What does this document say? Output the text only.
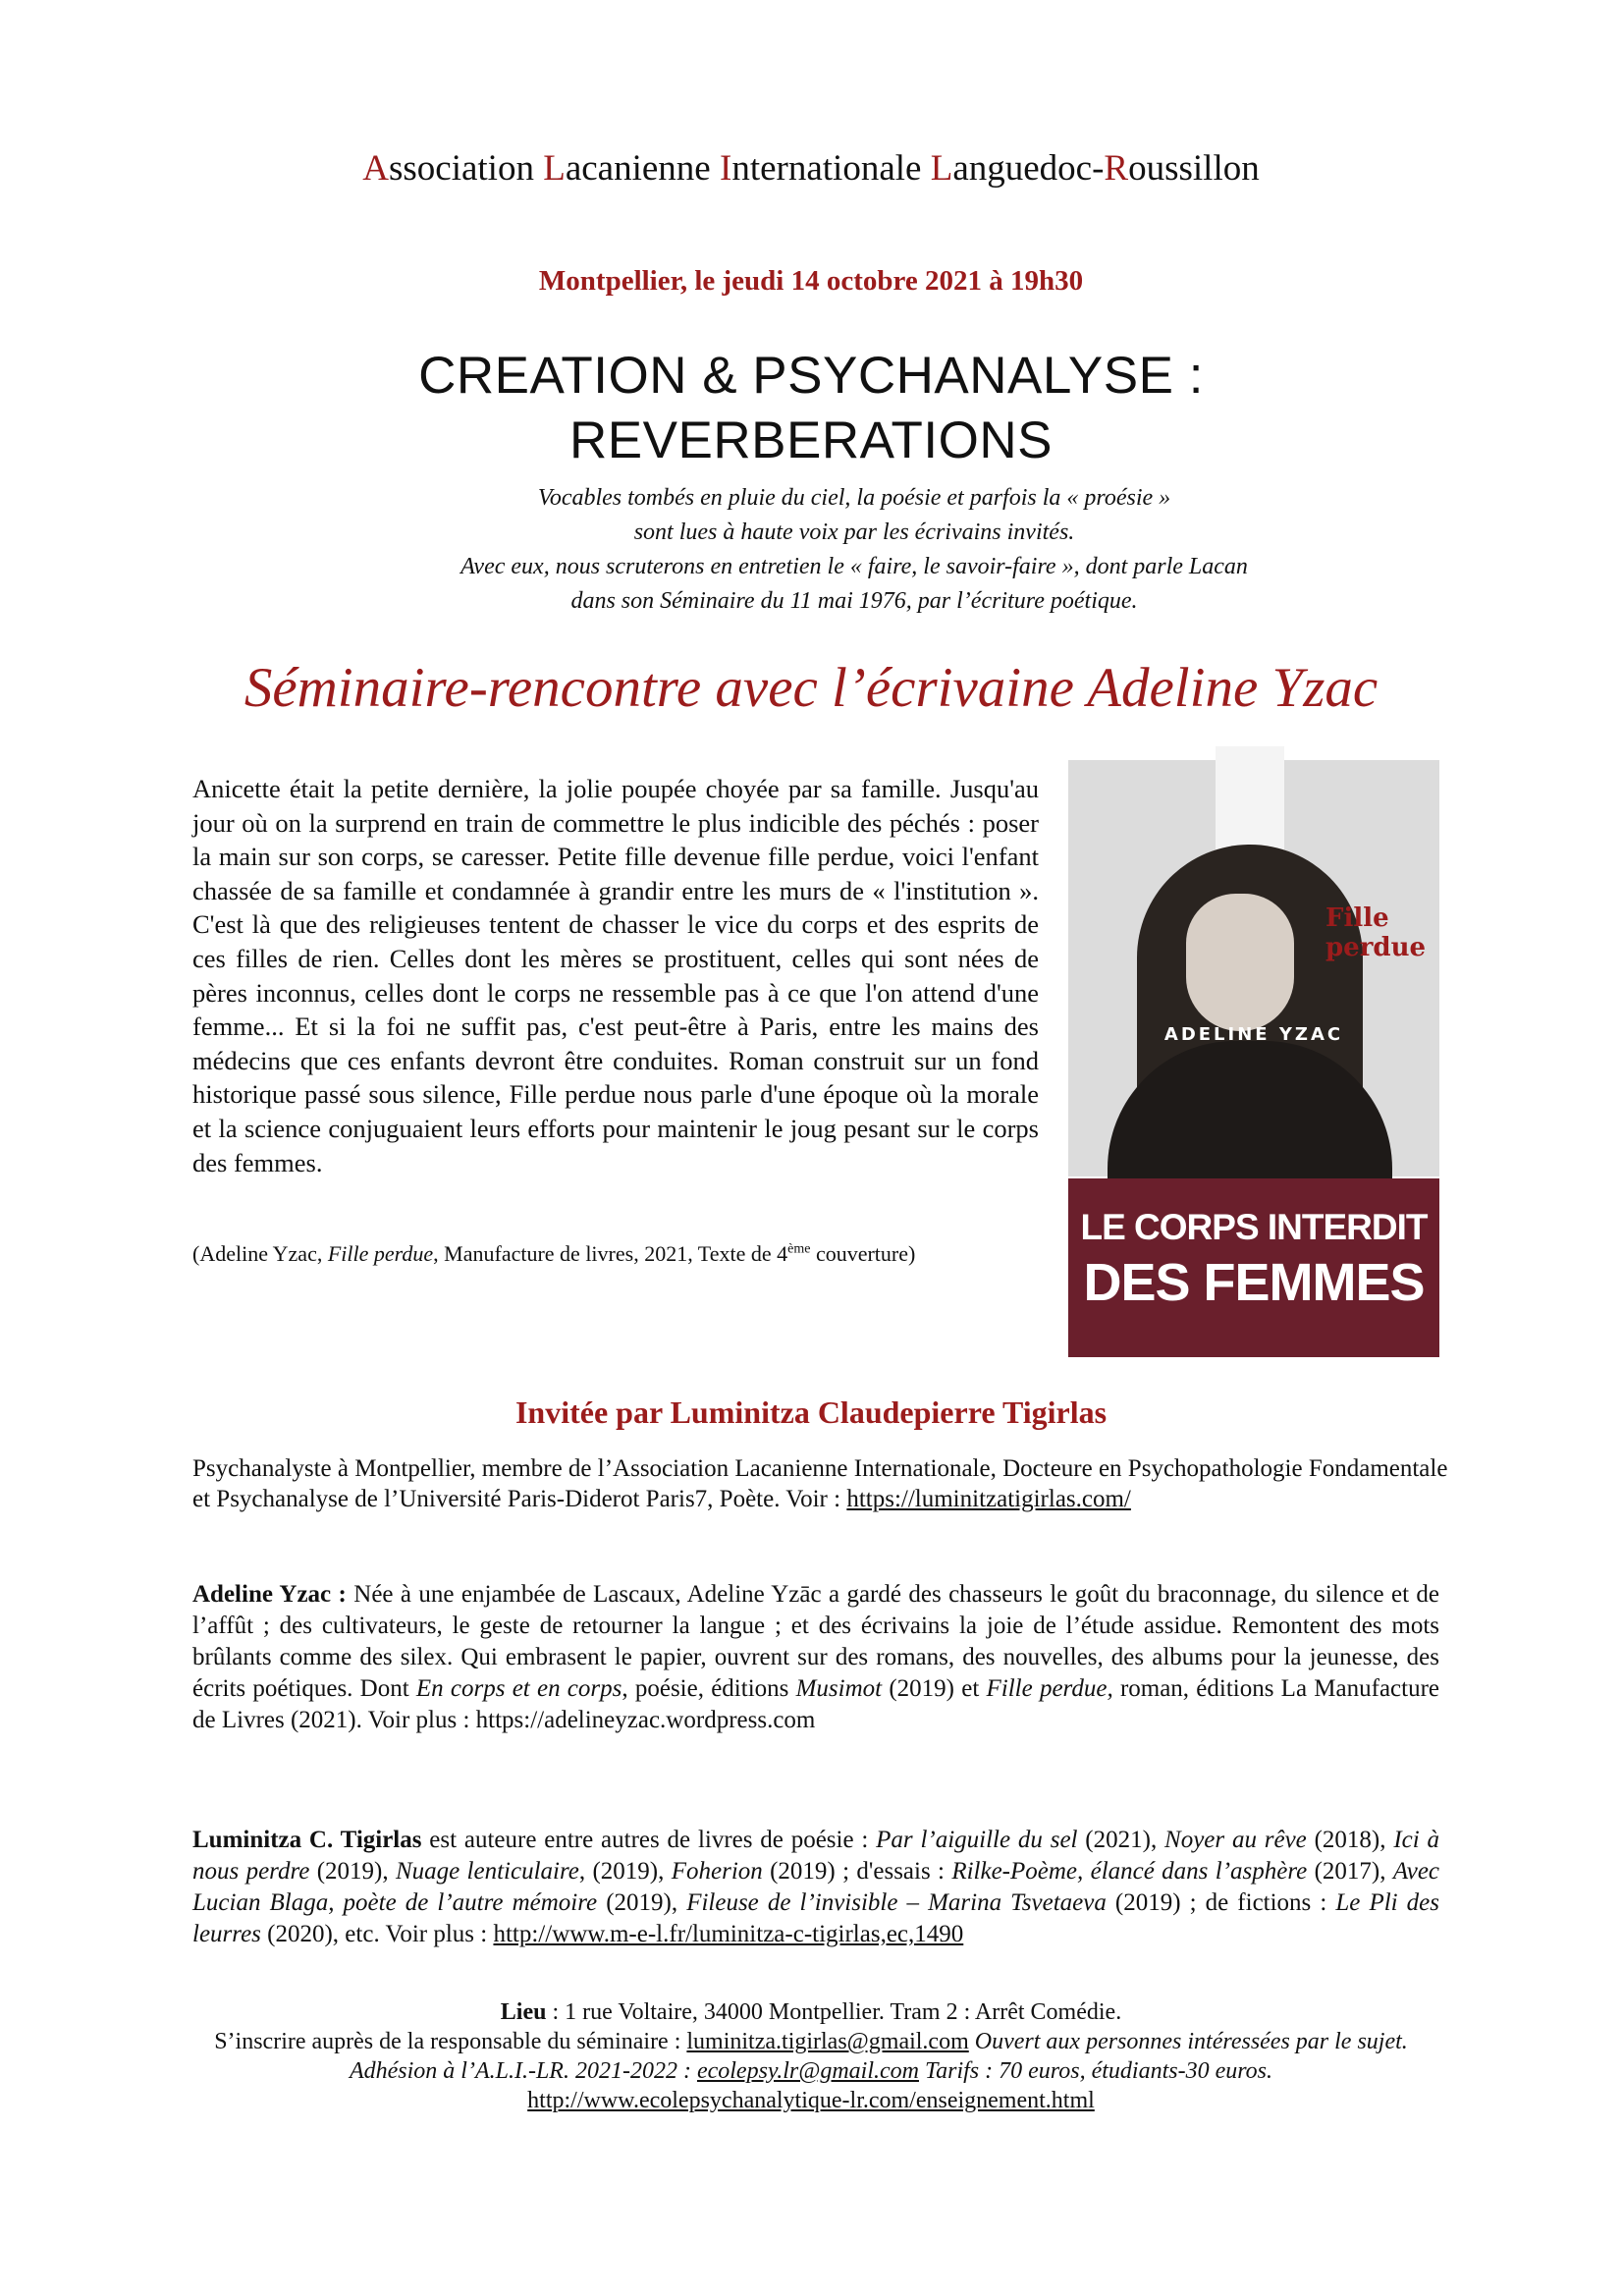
Association Lacanienne Internationale Languedoc-Roussillon
Montpellier, le jeudi 14 octobre 2021 à 19h30
CREATION & PSYCHANALYSE :
REVERBERATIONS
Vocables tombés en pluie du ciel, la poésie et parfois la « proésie »
sont lues à haute voix par les écrivains invités.
Avec eux, nous scruterons en entretien le « faire, le savoir-faire », dont parle Lacan
dans son Séminaire du 11 mai 1976, par l’écriture poétique.
Séminaire-rencontre avec l’écrivaine Adeline Yzac

Anicette était la petite dernière, la jolie poupée choyée par sa famille. Jusqu'au jour où on la surprend en train de commettre le plus indicible des péchés : poser la main sur son corps, se caresser. Petite fille devenue fille perdue, voici l'enfant chassée de sa famille et condamnée à grandir entre les murs de « l'institution ». C'est là que des religieuses tentent de chasser le vice du corps et des esprits de ces filles de rien. Celles dont les mères se prostituent, celles qui sont nées de pères inconnus, celles dont le corps ne ressemble pas à ce que l'on attend d'une femme... Et si la foi ne suffit pas, c'est peut-être à Paris, entre les mains des médecins que ces enfants devront être conduites. Roman construit sur un fond historique passé sous silence, Fille perdue nous parle d'une époque où la morale et la science conjuguaient leurs efforts pour maintenir le joug pesant sur le corps des femmes.

(Adeline Yzac, Fille perdue, Manufacture de livres, 2021, Texte de 4ème couverture)
Fille
perdue
ADELINE YZAC
LE CORPS INTERDIT
DES FEMMES
Invitée par Luminitza Claudepierre Tigirlas
Psychanalyste à Montpellier, membre de l’Association Lacanienne Internationale, Docteure en Psychopathologie Fondamentale et Psychanalyse de l’Université Paris-Diderot Paris7, Poète. Voir : https://luminitzatigirlas.com/
Adeline Yzac : Née à une enjambée de Lascaux, Adeline Yzāc a gardé des chasseurs le goût du braconnage, du silence et de l’affût ; des cultivateurs, le geste de retourner la langue ; et des écrivains la joie de l’étude assidue. Remontent des mots brûlants comme des silex. Qui embrasent le papier, ouvrent sur des romans, des nouvelles, des albums pour la jeunesse, des écrits poétiques. Dont En corps et en corps, poésie, éditions Musimot (2019) et Fille perdue, roman, éditions La Manufacture de Livres (2021). Voir plus : https://adelineyzac.wordpress.com
Luminitza C. Tigirlas est auteure entre autres de livres de poésie : Par l’aiguille du sel (2021), Noyer au rêve (2018), Ici à nous perdre (2019), Nuage lenticulaire, (2019), Foherion (2019) ; d'essais : Rilke-Poème, élancé dans l’asphère (2017), Avec Lucian Blaga, poète de l’autre mémoire (2019), Fileuse de l’invisible – Marina Tsvetaeva (2019) ; de fictions : Le Pli des leurres (2020), etc. Voir plus : http://www.m-e-l.fr/luminitza-c-tigirlas,ec,1490
Lieu : 1 rue Voltaire, 34000 Montpellier. Tram 2 : Arrêt Comédie.
S’inscrire auprès de la responsable du séminaire : luminitza.tigirlas@gmail.com Ouvert aux personnes intéressées par le sujet.
Adhésion à l’A.L.I.-LR. 2021-2022 : ecolepsy.lr@gmail.com Tarifs : 70 euros, étudiants-30 euros.
http://www.ecolepsychanalytique-lr.com/enseignement.html
